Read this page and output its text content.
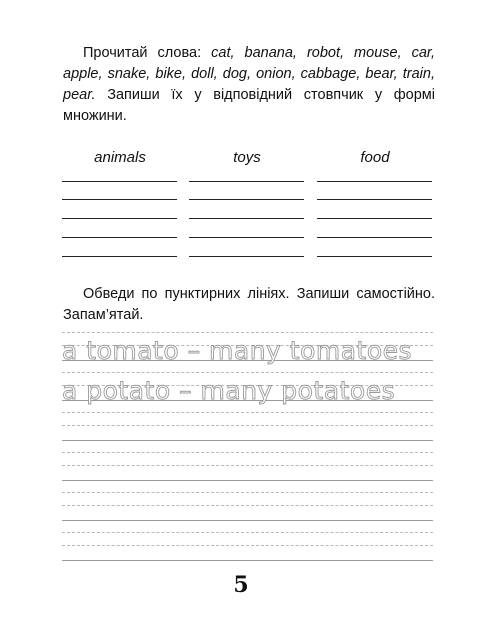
Прочитай слова: cat, banana, robot, mouse, car, apple, snake, bike, doll, dog, onion, cabbage, bear, train, pear. Запиши їх у відповідний стовпчик у формі множини.

animals	toys	food

Обведи по пунктирних лініях. Запиши самостійно. Запам’ятай.

a tomato – many tomatoes
a potato – many potatoes
5
